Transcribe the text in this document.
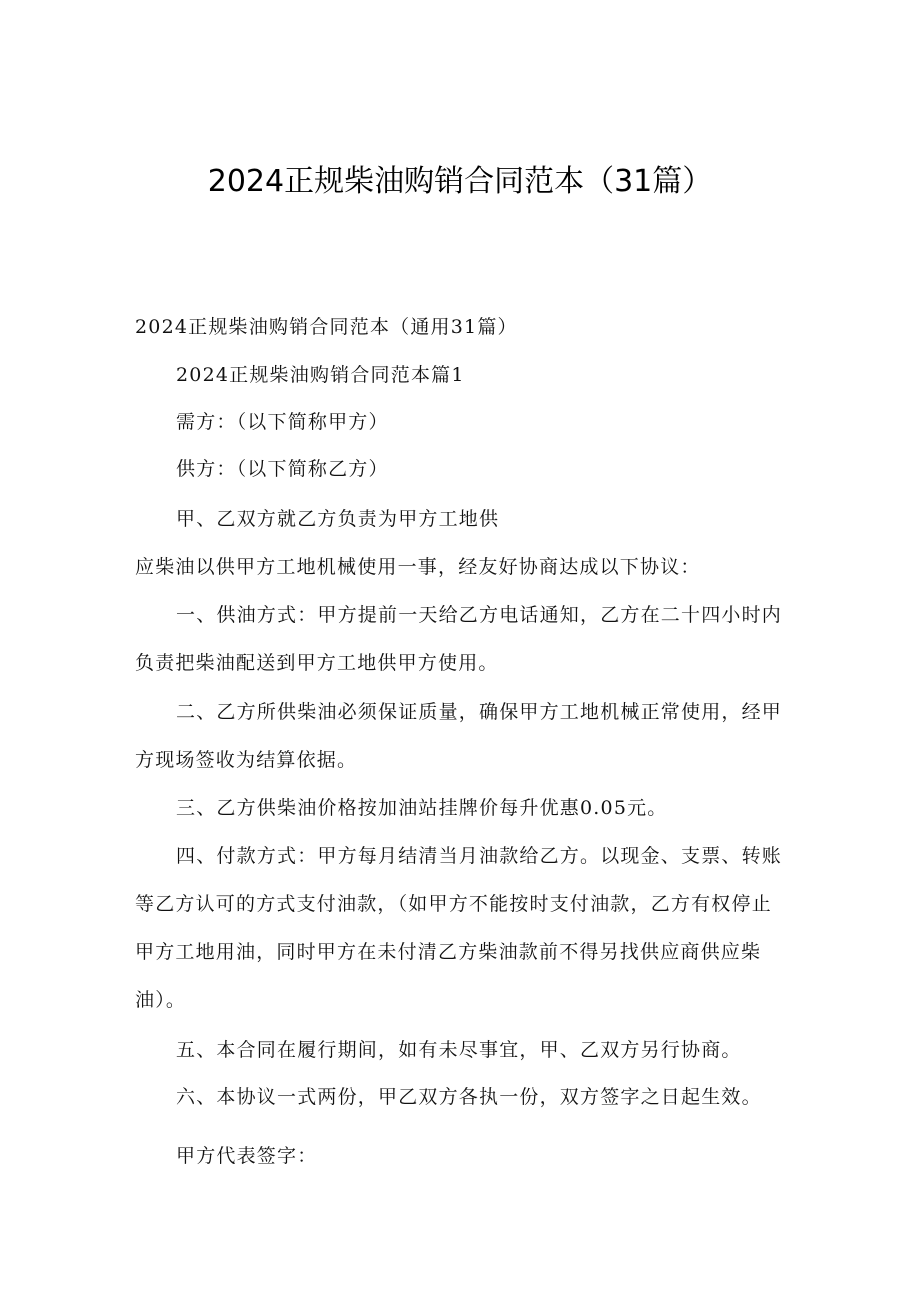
2024正规柴油购销合同范本（31篇）
2024正规柴油购销合同范本（通用31篇）
2024正规柴油购销合同范本篇1
需方：（以下简称甲方）
供方：（以下简称乙方）
甲、乙双方就乙方负责为甲方工地供
应柴油以供甲方工地机械使用一事，经友好协商达成以下协议：
一、供油方式：甲方提前一天给乙方电话通知，乙方在二十四小时内
负责把柴油配送到甲方工地供甲方使用。
二、乙方所供柴油必须保证质量，确保甲方工地机械正常使用，经甲
方现场签收为结算依据。
三、乙方供柴油价格按加油站挂牌价每升优惠0.05元。
四、付款方式：甲方每月结清当月油款给乙方。以现金、支票、转账
等乙方认可的方式支付油款，（如甲方不能按时支付油款，乙方有权停止
甲方工地用油，同时甲方在未付清乙方柴油款前不得另找供应商供应柴
油）。
五、本合同在履行期间，如有未尽事宜，甲、乙双方另行协商。
六、本协议一式两份，甲乙双方各执一份，双方签字之日起生效。
甲方代表签字：
